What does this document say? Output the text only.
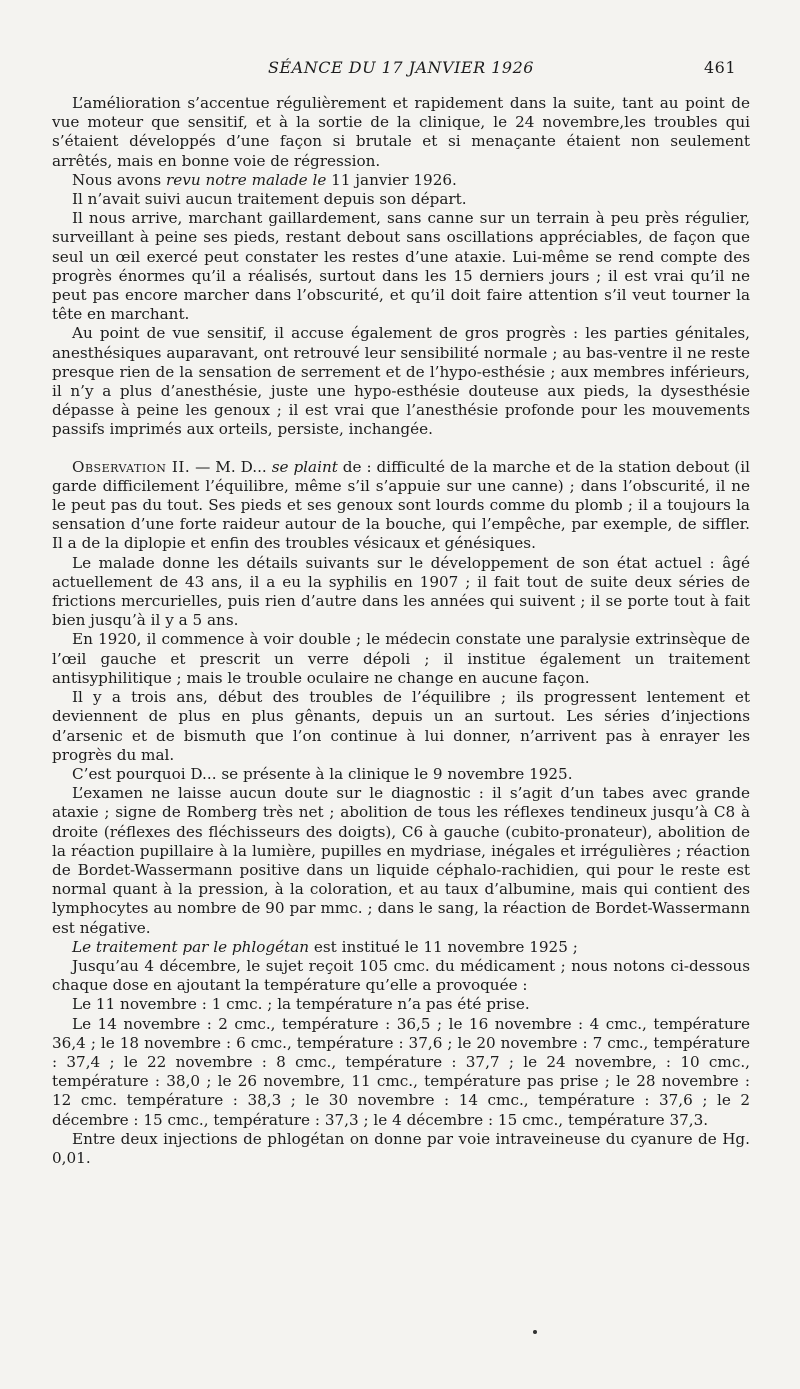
SÉANCE DU 17 JANVIER 1926	461

L’amélioration s’accentue régulièrement et rapidement dans la suite, tant au point de vue moteur que sensitif, et à la sortie de la clinique, le 24 novembre,les troubles qui s’étaient développés d’une façon si brutale et si menaçante étaient non seulement arrêtés, mais en bonne voie de régression.

Nous avons revu notre malade le 11 janvier 1926.

Il n’avait suivi aucun traitement depuis son départ.

Il nous arrive, marchant gaillardement, sans canne sur un terrain à peu près régulier, surveillant à peine ses pieds, restant debout sans oscillations appréciables, de façon que seul un œil exercé peut constater les restes d’une ataxie. Lui-même se rend compte des progrès énormes qu’il a réalisés, surtout dans les 15 derniers jours ; il est vrai qu’il ne peut pas encore marcher dans l’obscurité, et qu’il doit faire attention s’il veut tourner la tête en marchant.

Au point de vue sensitif, il accuse également de gros progrès : les parties génitales, anesthésiques auparavant, ont retrouvé leur sensibilité normale ; au bas-ventre il ne reste presque rien de la sensation de serrement et de l’hypo-esthésie ; aux membres inférieurs, il n’y a plus d’anesthésie, juste une hypo-esthésie douteuse aux pieds, la dysesthésie dépasse à peine les genoux ; il est vrai que l’anesthésie profonde pour les mouvements passifs imprimés aux orteils, persiste, inchangée.

Observation II. — M. D... se plaint de : difficulté de la marche et de la station debout (il garde difficilement l’équilibre, même s’il s’appuie sur une canne) ; dans l’obscurité, il ne le peut pas du tout. Ses pieds et ses genoux sont lourds comme du plomb ; il a toujours la sensation d’une forte raideur autour de la bouche, qui l’empêche, par exemple, de siffler. Il a de la diplopie et enfin des troubles vésicaux et génésiques.

Le malade donne les détails suivants sur le développement de son état actuel : âgé actuellement de 43 ans, il a eu la syphilis en 1907 ; il fait tout de suite deux séries de frictions mercurielles, puis rien d’autre dans les années qui suivent ; il se porte tout à fait bien jusqu’à il y a 5 ans.

En 1920, il commence à voir double ; le médecin constate une paralysie extrinsèque de l’œil gauche et prescrit un verre dépoli ; il institue également un traitement antisyphilitique ; mais le trouble oculaire ne change en aucune façon.

Il y a trois ans, début des troubles de l’équilibre ; ils progressent lentement et deviennent de plus en plus gênants, depuis un an surtout. Les séries d’injections d’arsenic et de bismuth que l’on continue à lui donner, n’arrivent pas à enrayer les progrès du mal.

C’est pourquoi D... se présente à la clinique le 9 novembre 1925.

L’examen ne laisse aucun doute sur le diagnostic : il s’agit d’un tabes avec grande ataxie ; signe de Romberg très net ; abolition de tous les réflexes tendineux jusqu’à C8 à droite (réflexes des fléchisseurs des doigts), C6 à gauche (cubito-pronateur), abolition de la réaction pupillaire à la lumière, pupilles en mydriase, inégales et irrégulières ; réaction de Bordet-Wassermann positive dans un liquide céphalo-rachidien, qui pour le reste est normal quant à la pression, à la coloration, et au taux d’albumine, mais qui contient des lymphocytes au nombre de 90 par mmc. ; dans le sang, la réaction de Bordet-Wassermann est négative.

Le traitement par le phlogétan est institué le 11 novembre 1925 ;

Jusqu’au 4 décembre, le sujet reçoit 105 cmc. du médicament ; nous notons ci-dessous chaque dose en ajoutant la température qu’elle a provoquée :

Le 11 novembre : 1 cmc. ; la température n’a pas été prise.

Le 14 novembre : 2 cmc., température : 36,5 ; le 16 novembre : 4 cmc., température 36,4 ; le 18 novembre : 6 cmc., température : 37,6 ; le 20 novembre : 7 cmc., température : 37,4 ; le 22 novembre : 8 cmc., température : 37,7 ; le 24 novembre, : 10 cmc., température : 38,0 ; le 26 novembre, 11 cmc., température pas prise ; le 28 novembre : 12 cmc. température : 38,3 ; le 30 novembre : 14 cmc., température : 37,6 ; le 2 décembre : 15 cmc., température : 37,3 ; le 4 décembre : 15 cmc., température 37,3.

Entre deux injections de phlogétan on donne par voie intraveineuse du cyanure de Hg. 0,01.
